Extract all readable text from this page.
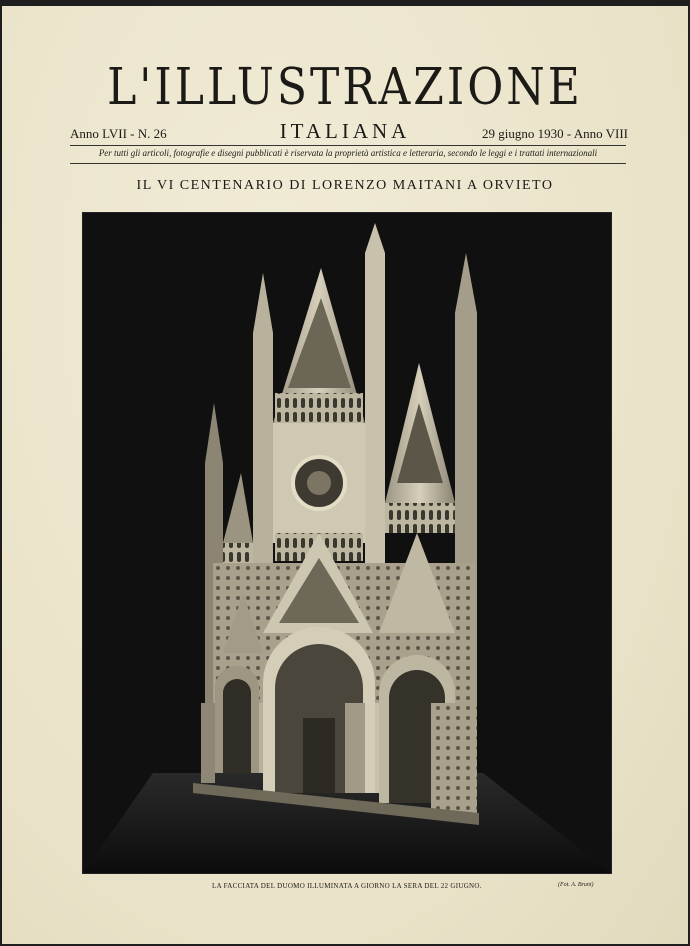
L'ILLUSTRAZIONE
Anno LVII - N. 26	ITALIANA	29 giugno 1930 - Anno VIII
Per tutti gli articoli, fotografie e disegni pubblicati è riservata la proprietà artistica e letteraria, secondo le leggi e i trattati internazionali
IL VI CENTENARIO DI LORENZO MAITANI A ORVIETO
LA FACCIATA DEL DUOMO ILLUMINATA A GIORNO LA SERA DEL 22 GIUGNO.	(Fot. A. Bruni)
